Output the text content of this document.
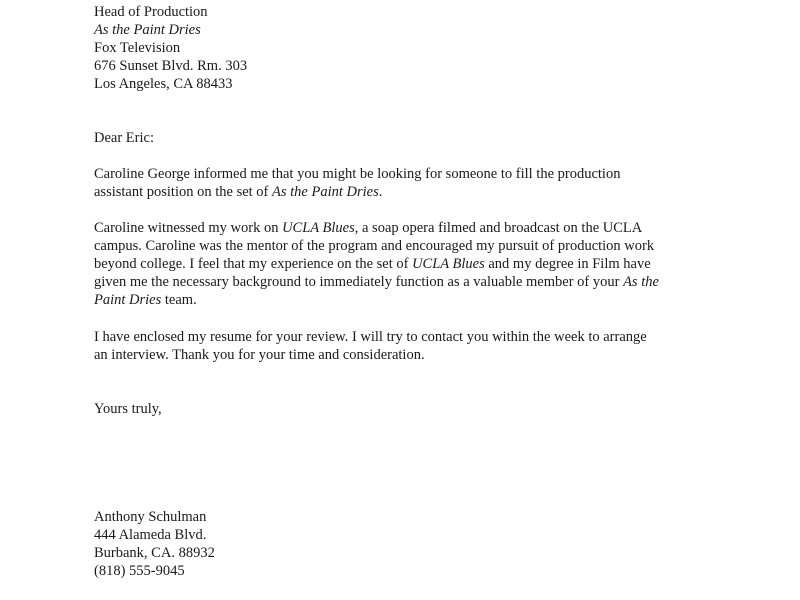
Head of Production
As the Paint Dries
Fox Television
676 Sunset Blvd. Rm. 303
Los Angeles, CA 88433
Dear Eric:
Caroline George informed me that you might be looking for someone to fill the production
assistant position on the set of As the Paint Dries.
Caroline witnessed my work on UCLA Blues, a soap opera filmed and broadcast on the UCLA
campus. Caroline was the mentor of the program and encouraged my pursuit of production work
beyond college. I feel that my experience on the set of UCLA Blues and my degree in Film have
given me the necessary background to immediately function as a valuable member of your As the
Paint Dries team.
I have enclosed my resume for your review. I will try to contact you within the week to arrange
an interview. Thank you for your time and consideration.
Yours truly,
Anthony Schulman
444 Alameda Blvd.
Burbank, CA. 88932
(818) 555-9045
